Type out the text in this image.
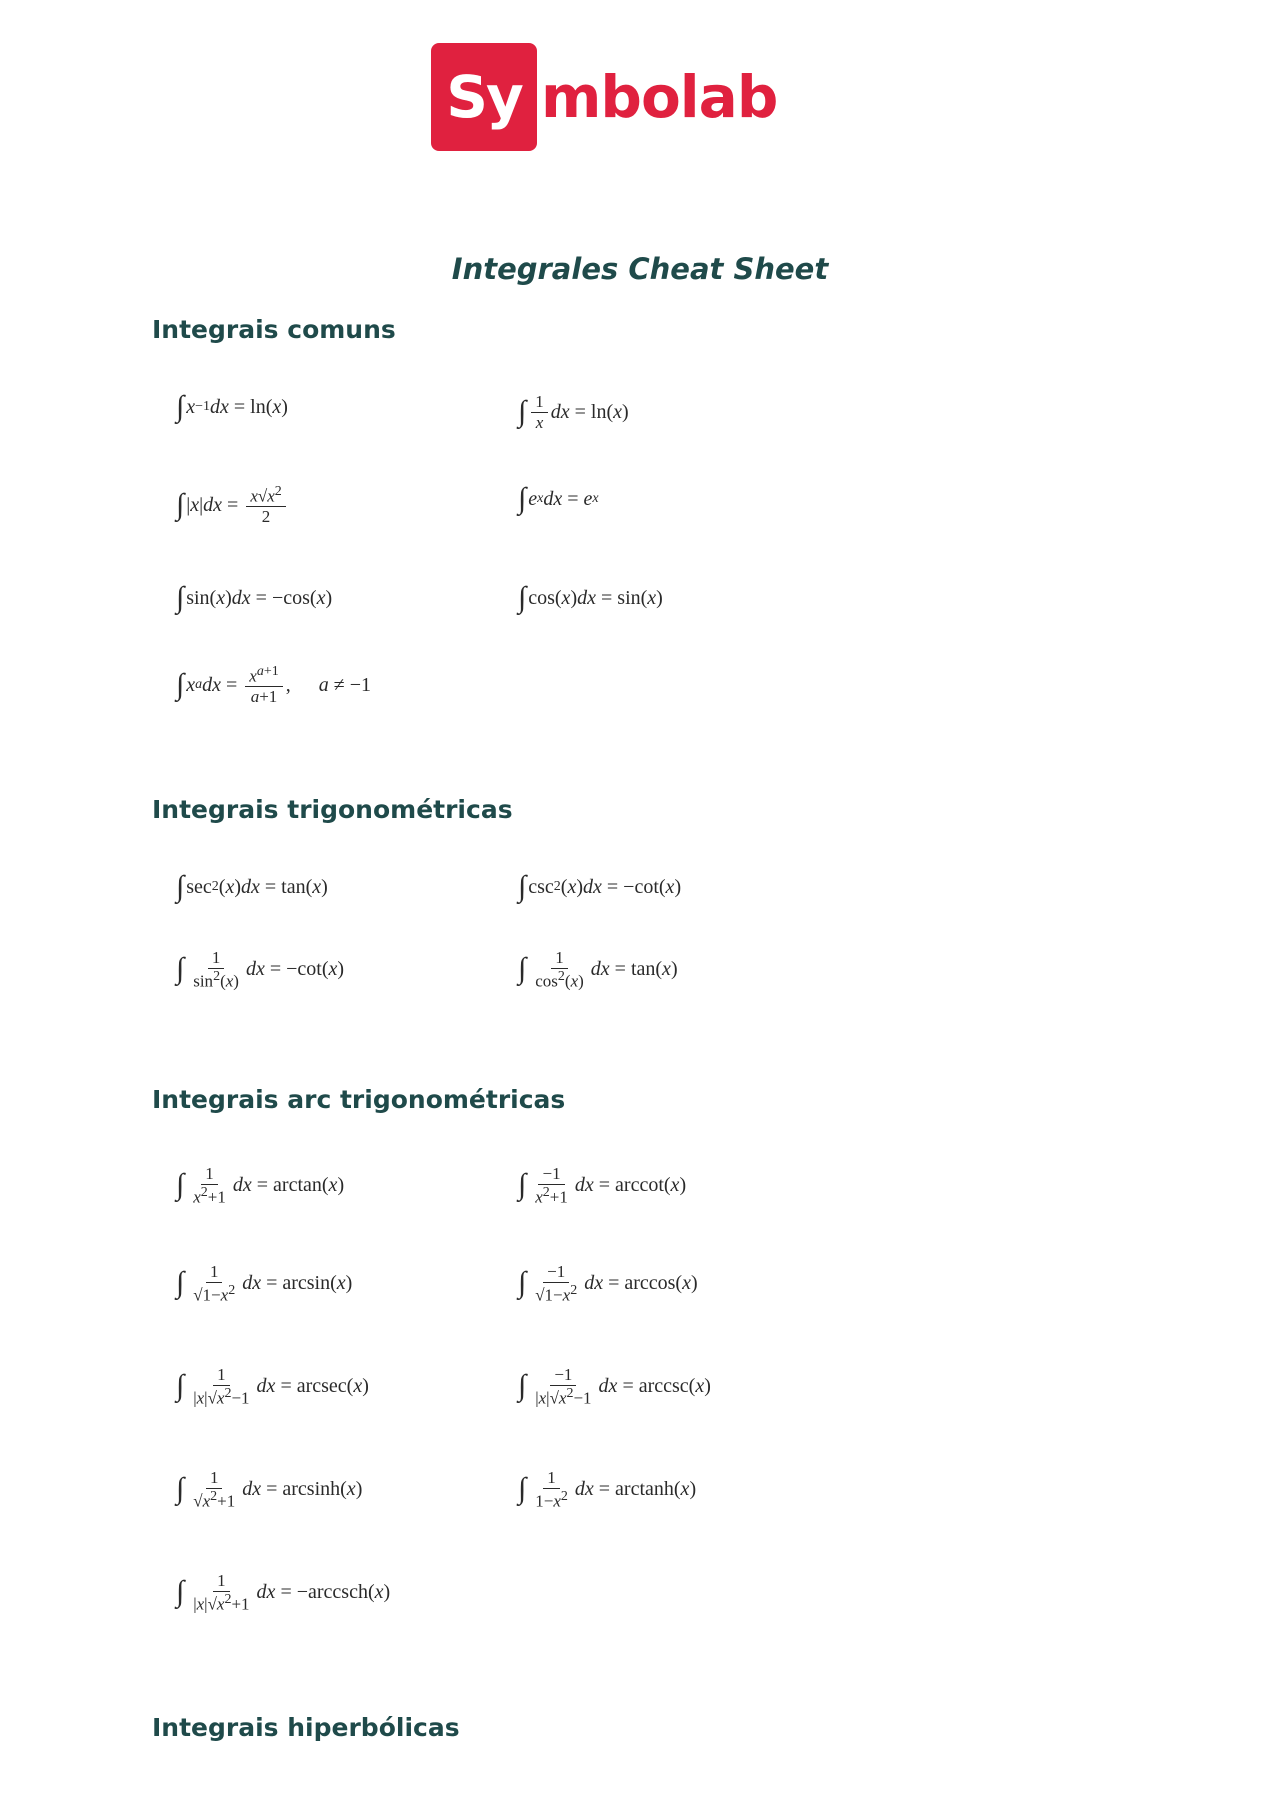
Sy mbolab
Integrales Cheat Sheet
Integrais comuns
∫ x −1 dx = ln( x )	∫ $\frac{1}{x}$ dx = ln( x )
∫ | x | dx = $\frac{x√x^2}{2}$	∫ e x dx = e x
∫ sin( x ) dx = −cos( x )	∫ cos( x ) dx = sin( x )
∫ x a dx = $\frac{x^{a+1}}{a+1}$ , a ≠ −1
Integrais trigonométricas
∫ sec 2 ( x ) dx = tan( x )	∫ csc 2 ( x ) dx = −cot( x )
∫ $\frac{1}{\sin^2(x)}$ dx = −cot( x )	∫ $\frac{1}{\cos^2(x)}$ dx = tan( x )
Integrais arc trigonométricas
∫ $\frac{1}{x^2+1}$ dx = arctan( x )	∫ $\frac{-1}{x^2+1}$ dx = arccot( x )
∫ $\frac{1}{√1-x^2}$ dx = arcsin( x )	∫ $\frac{-1}{√1-x^2}$ dx = arccos( x )
∫ $\frac{1}{|x|√x^2-1}$ dx = arcsec( x )	∫ $\frac{-1}{|x|√x^2-1}$ dx = arccsc( x )
∫ $\frac{1}{√x^2+1}$ dx = arcsinh( x )	∫ $\frac{1}{1-x^2}$ dx = arctanh( x )
∫ $\frac{1}{|x|√x^2+1}$ dx = −arccsch( x )
Integrais hiperbólicas
